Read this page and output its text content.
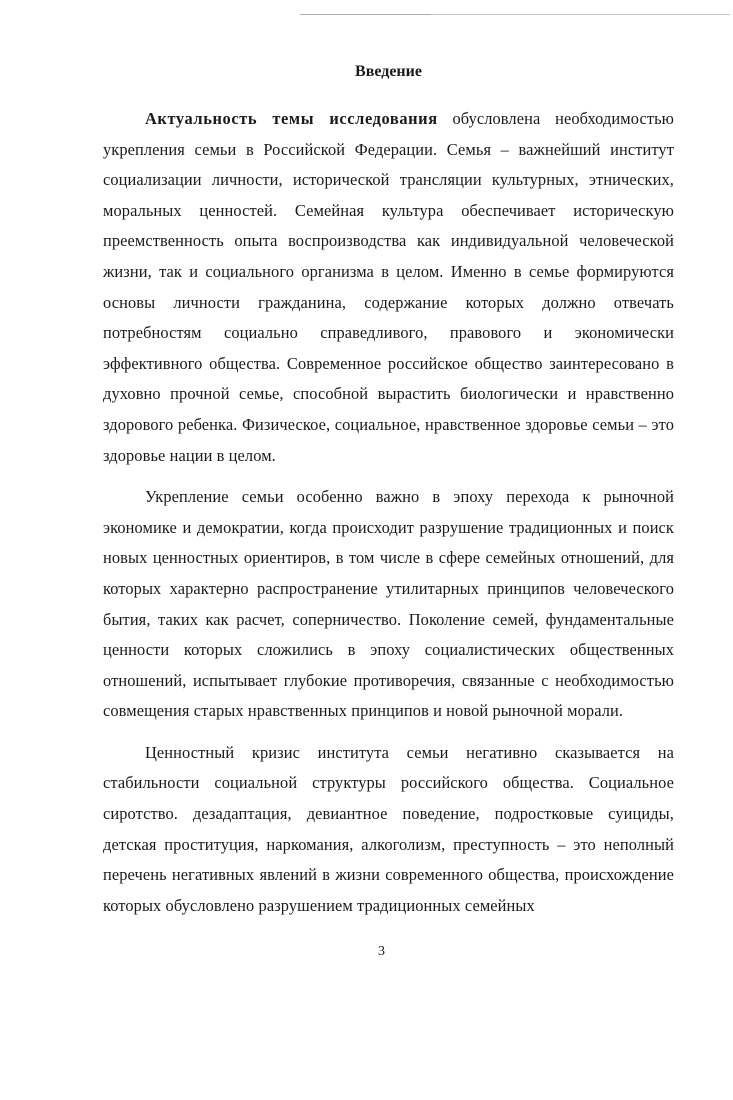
Введение

Актуальность темы исследования обусловлена необходимостью укрепления семьи в Российской Федерации. Семья – важнейший институт социализации личности, исторической трансляции культурных, этнических, моральных ценностей. Семейная культура обеспечивает историческую преемственность опыта воспроизводства как индивидуальной человеческой жизни, так и социального организма в целом. Именно в семье формируются основы личности гражданина, содержание которых должно отвечать потребностям социально справедливого, правового и экономически эффективного общества. Современное российское общество заинтересовано в духовно прочной семье, способной вырастить биологически и нравственно здорового ребенка. Физическое, социальное, нравственное здоровье семьи – это здоровье нации в целом.

Укрепление семьи особенно важно в эпоху перехода к рыночной экономике и демократии, когда происходит разрушение традиционных и поиск новых ценностных ориентиров, в том числе в сфере семейных отношений, для которых характерно распространение утилитарных принципов человеческого бытия, таких как расчет, соперничество. Поколение семей, фундаментальные ценности которых сложились в эпоху социалистических общественных отношений, испытывает глубокие противоречия, связанные с необходимостью совмещения старых нравственных принципов и новой рыночной морали.

Ценностный кризис института семьи негативно сказывается на стабильности социальной структуры российского общества. Социальное сиротство. дезадаптация, девиантное поведение, подростковые суициды, детская проституция, наркомания, алкоголизм, преступность – это неполный перечень негативных явлений в жизни современного общества, происхождение которых обусловлено разрушением традиционных семейных

3
